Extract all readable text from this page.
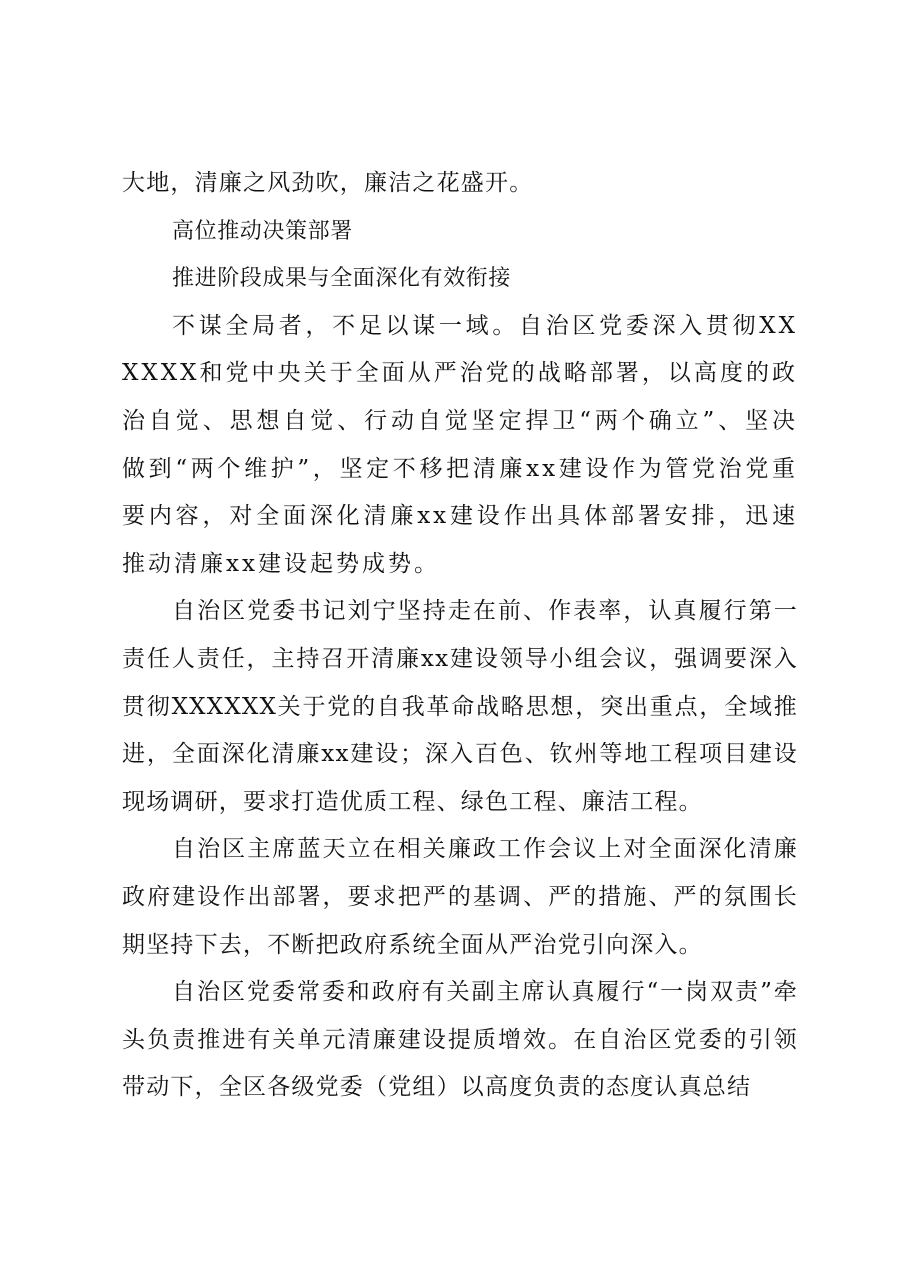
大地，清廉之风劲吹，廉洁之花盛开。

高位推动决策部署

推进阶段成果与全面深化有效衔接

不谋全局者，不足以谋一域。自治区党委深入贯彻XXXXXX和党中央关于全面从严治党的战略部署，以高度的政治自觉、思想自觉、行动自觉坚定捍卫“两个确立”、坚决做到“两个维护”，坚定不移把清廉xx建设作为管党治党重要内容，对全面深化清廉xx建设作出具体部署安排，迅速推动清廉xx建设起势成势。

自治区党委书记刘宁坚持走在前、作表率，认真履行第一责任人责任，主持召开清廉xx建设领导小组会议，强调要深入贯彻XXXXXX关于党的自我革命战略思想，突出重点，全域推进，全面深化清廉xx建设；深入百色、钦州等地工程项目建设现场调研，要求打造优质工程、绿色工程、廉洁工程。

自治区主席蓝天立在相关廉政工作会议上对全面深化清廉政府建设作出部署，要求把严的基调、严的措施、严的氛围长期坚持下去，不断把政府系统全面从严治党引向深入。

自治区党委常委和政府有关副主席认真履行“一岗双责”牵头负责推进有关单元清廉建设提质增效。在自治区党委的引领带动下，全区各级党委（党组）以高度负责的态度认真总结
